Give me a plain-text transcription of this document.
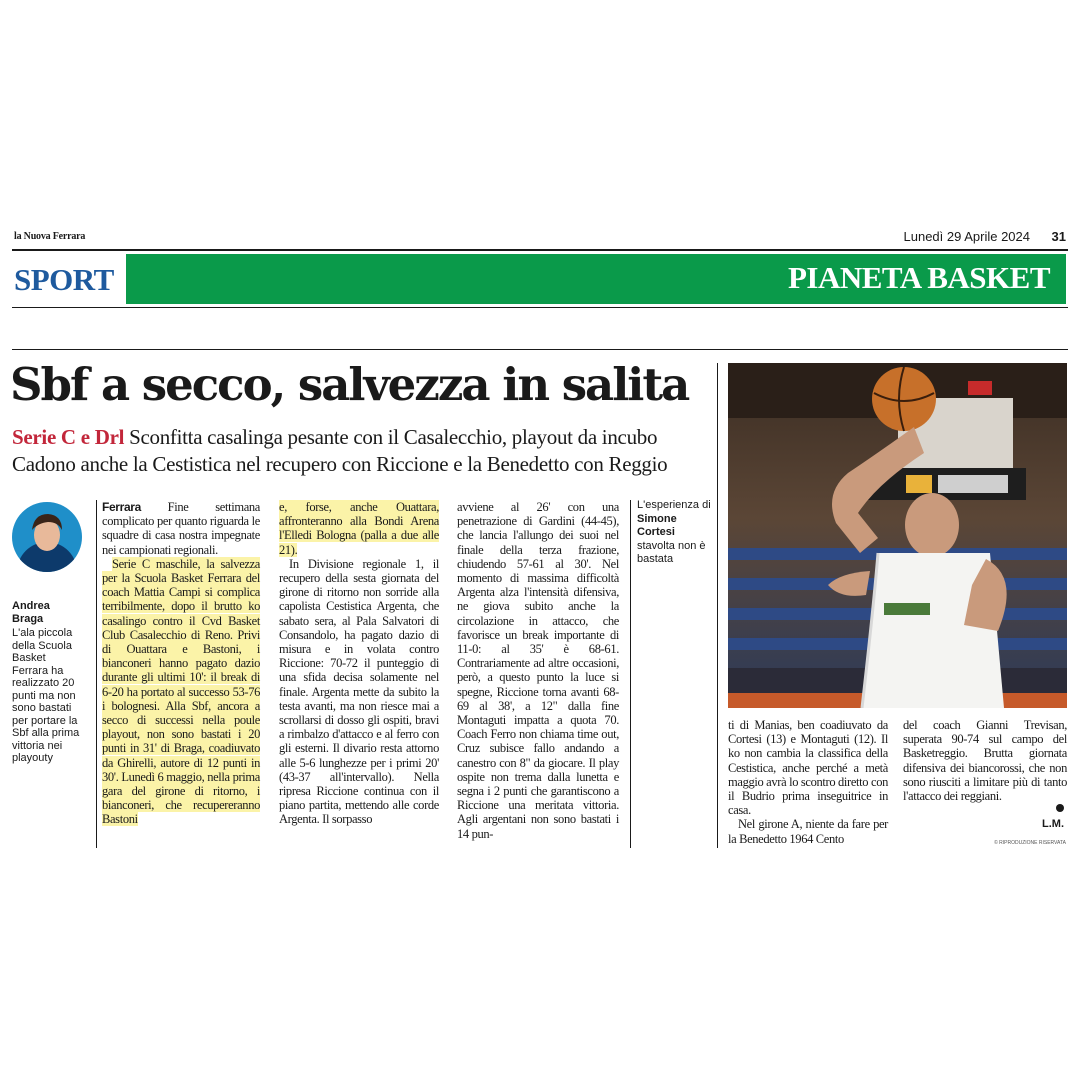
la Nuova Ferrara	Lunedì 29 Aprile 2024 31
SPORT	PIANETA BASKET
Sbf a secco, salvezza in salita
Serie C e Drl Sconfitta casalinga pesante con il Casalecchio, playout da incubo
Cadono anche la Cestistica nel recupero con Riccione e la Benedetto con Reggio
Andrea Braga
L'ala piccola della Scuola Basket Ferrara ha realizzato 20 punti ma non sono bastati per portare la Sbf alla prima vittoria nei playouty

Ferrara Fine settimana complicato per quanto riguarda le squadre di casa nostra impegnate nei campionati regionali.

Serie C maschile, la salvezza per la Scuola Basket Ferrara del coach Mattia Campi si complica terribilmente, dopo il brutto ko casalingo contro il Cvd Basket Club Casalecchio di Reno. Privi di Ouattara e Bastoni, i bianconeri hanno pagato dazio durante gli ultimi 10': il break di 6-20 ha portato al successo 53-76 i bolognesi. Alla Sbf, ancora a secco di successi nella poule playout, non sono bastati i 20 punti in 31' di Braga, coadiuvato da Ghirelli, autore di 12 punti in 30'. Lunedì 6 maggio, nella prima gara del girone di ritorno, i bianconeri, che recupereranno Bastoni

e, forse, anche Ouattara, affronteranno alla Bondi Arena l'Elledi Bologna (palla a due alle 21).

In Divisione regionale 1, il recupero della sesta giornata del girone di ritorno non sorride alla capolista Cestistica Argenta, che sabato sera, al Pala Salvatori di Consandolo, ha pagato dazio di misura e in volata contro Riccione: 70-72 il punteggio di una sfida decisa solamente nel finale. Argenta mette da subito la testa avanti, ma non riesce mai a scrollarsi di dosso gli ospiti, bravi a rimbalzo d'attacco e al ferro con gli esterni. Il divario resta attorno alle 5-6 lunghezze per i primi 20' (43-37 all'intervallo). Nella ripresa Riccione continua con il piano partita, mettendo alle corde Argenta. Il sorpasso

avviene al 26' con una penetrazione di Gardini (44-45), che lancia l'allungo dei suoi nel finale della terza frazione, chiudendo 57-61 al 30'. Nel momento di massima difficoltà Argenta alza l'intensità difensiva, ne giova subito anche la circolazione in attacco, che favorisce un break importante di 11-0: al 35' è 68-61. Contrariamente ad altre occasioni, però, a questo punto la luce si spegne, Riccione torna avanti 68-69 al 38', a 12" dalla fine Montaguti impatta a quota 70. Coach Ferro non chiama time out, Cruz subisce fallo andando a canestro con 8" da giocare. Il play ospite non trema dalla lunetta e segna i 2 punti che garantiscono a Riccione una meritata vittoria. Agli argentani non sono bastati i 14 pun-

L'esperienza di Simone Cortesi stavolta non è bastata

ti di Manias, ben coadiuvato da Cortesi (13) e Montaguti (12). Il ko non cambia la classifica della Cestistica, anche perché a metà maggio avrà lo scontro diretto con il Budrio prima inseguitrice in casa.

Nel girone A, niente da fare per la Benedetto 1964 Cento

del coach Gianni Trevisan, superata 90-74 sul campo del Basketreggio. Brutta giornata difensiva dei biancorossi, che non sono riusciti a limitare più di tanto l'attacco dei reggiani.

L.M.
© RIPRODUZIONE RISERVATA
